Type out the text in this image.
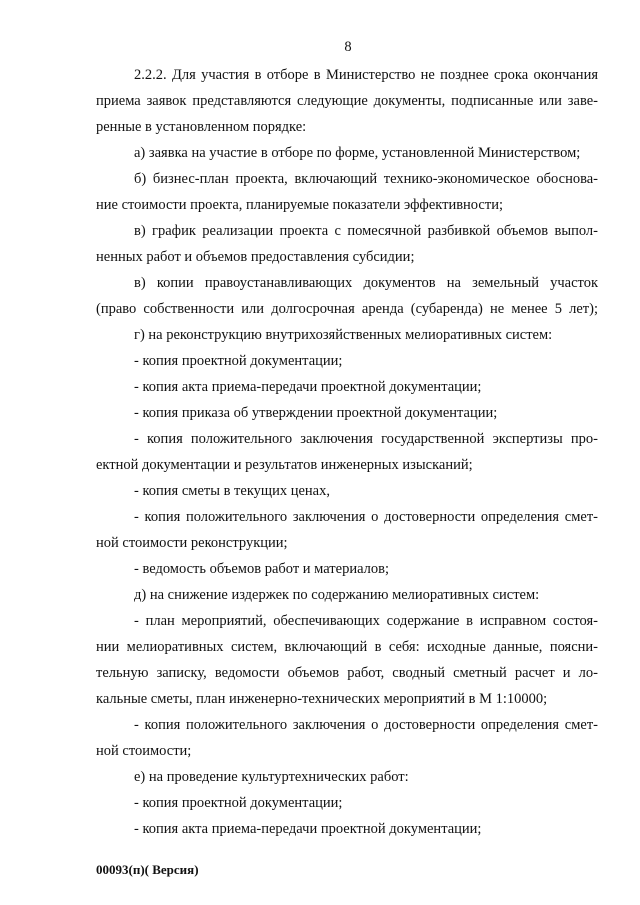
8
2.2.2. Для участия в отборе в Министерство не позднее срока окончания
приема заявок представляются следующие документы, подписанные или заве-
ренные в установленном порядке:
а) заявка на участие в отборе по форме, установленной Министерством;
б) бизнес-план проекта, включающий технико-экономическое обоснова-
ние стоимости проекта, планируемые показатели эффективности;
в) график реализации проекта с помесячной разбивкой объемов выпол-
ненных работ и объемов предоставления субсидии;
в) копии правоустанавливающих документов на земельный участок
(право собственности или долгосрочная аренда (субаренда) не менее 5 лет);
г) на реконструкцию внутрихозяйственных мелиоративных систем:
- копия проектной документации;
- копия акта приема-передачи проектной документации;
- копия приказа об утверждении проектной документации;
- копия положительного заключения государственной экспертизы про-
ектной документации и результатов инженерных изысканий;
- копия сметы в текущих ценах,
- копия положительного заключения о достоверности определения смет-
ной стоимости реконструкции;
- ведомость объемов работ и материалов;
д) на снижение издержек по содержанию мелиоративных систем:
- план мероприятий, обеспечивающих содержание в исправном состоя-
нии мелиоративных систем, включающий в себя: исходные данные, поясни-
тельную записку, ведомости объемов работ, сводный сметный расчет и ло-
кальные сметы, план инженерно-технических мероприятий в М 1:10000;
- копия положительного заключения о достоверности определения смет-
ной стоимости;
е) на проведение культуртехнических работ:
- копия проектной документации;
- копия акта приема-передачи проектной документации;
00093(п)( Версия)
